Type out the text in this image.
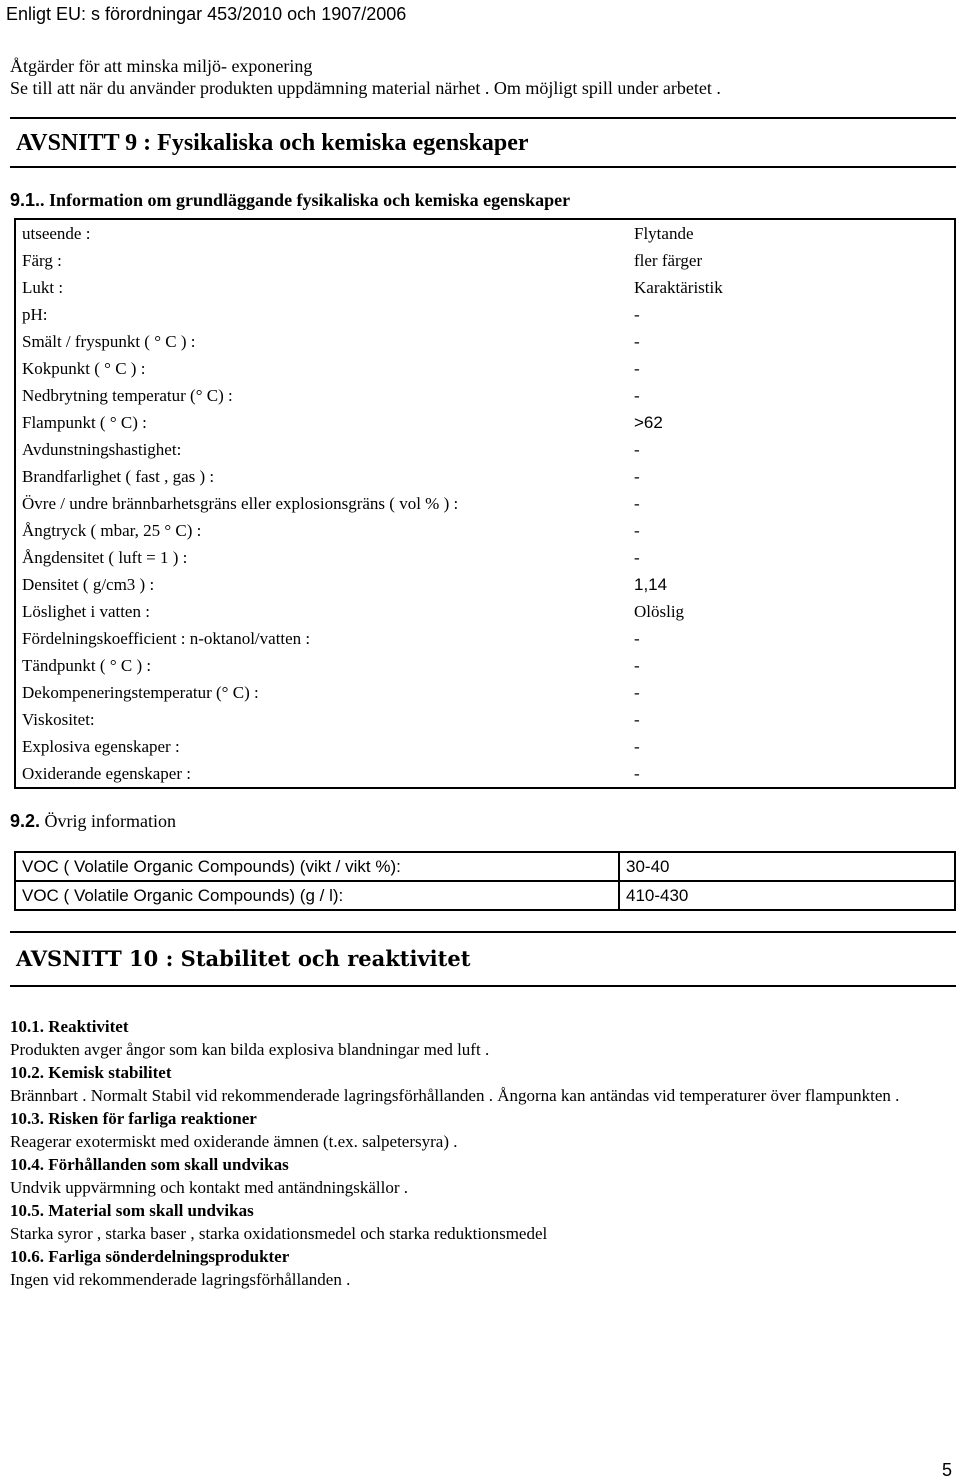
Enligt EU: s förordningar 453/2010 och 1907/2006
Åtgärder för att minska miljö- exponering
Se till att när du använder produkten uppdämning material närhet . Om möjligt spill under arbetet .
AVSNITT 9 : Fysikaliska och kemiska egenskaper
9.1.. Information om grundläggande fysikaliska och kemiska egenskaper
utseende :	Flytande
Färg :	fler färger
Lukt :	Karaktäristik
pH:	-
Smält / fryspunkt ( ° C ) :	-
Kokpunkt ( ° C ) :	-
Nedbrytning temperatur (° C) :	-
Flampunkt ( ° C) :	>62
Avdunstningshastighet:	-
Brandfarlighet ( fast , gas ) :	-
Övre / undre brännbarhetsgräns eller explosionsgräns ( vol % ) :	-
Ångtryck ( mbar, 25 ° C) :	-
Ångdensitet ( luft = 1 ) :	-
Densitet ( g/cm3 ) :	1,14
Löslighet i vatten :	Olöslig
Fördelningskoefficient : n-oktanol/vatten :	-
Tändpunkt ( ° C ) :	-
Dekompeneringstemperatur (° C) :	-
Viskositet:	-
Explosiva egenskaper :	-
Oxiderande egenskaper :	-
9.2. Övrig information
VOC ( Volatile Organic Compounds) (vikt / vikt %):	30-40
VOC ( Volatile Organic Compounds) (g / l):	410-430
AVSNITT 10 : Stabilitet och reaktivitet
10.1. Reaktivitet
Produkten avger ångor som kan bilda explosiva blandningar med luft .
10.2. Kemisk stabilitet
Brännbart . Normalt Stabil vid rekommenderade lagringsförhållanden . Ångorna kan antändas vid temperaturer över flampunkten .
10.3. Risken för farliga reaktioner
Reagerar exotermiskt med oxiderande ämnen (t.ex. salpetersyra) .
10.4. Förhållanden som skall undvikas
Undvik uppvärmning och kontakt med antändningskällor .
10.5. Material som skall undvikas
Starka syror , starka baser , starka oxidationsmedel och starka reduktionsmedel
10.6. Farliga sönderdelningsprodukter
Ingen vid rekommenderade lagringsförhållanden .
5
